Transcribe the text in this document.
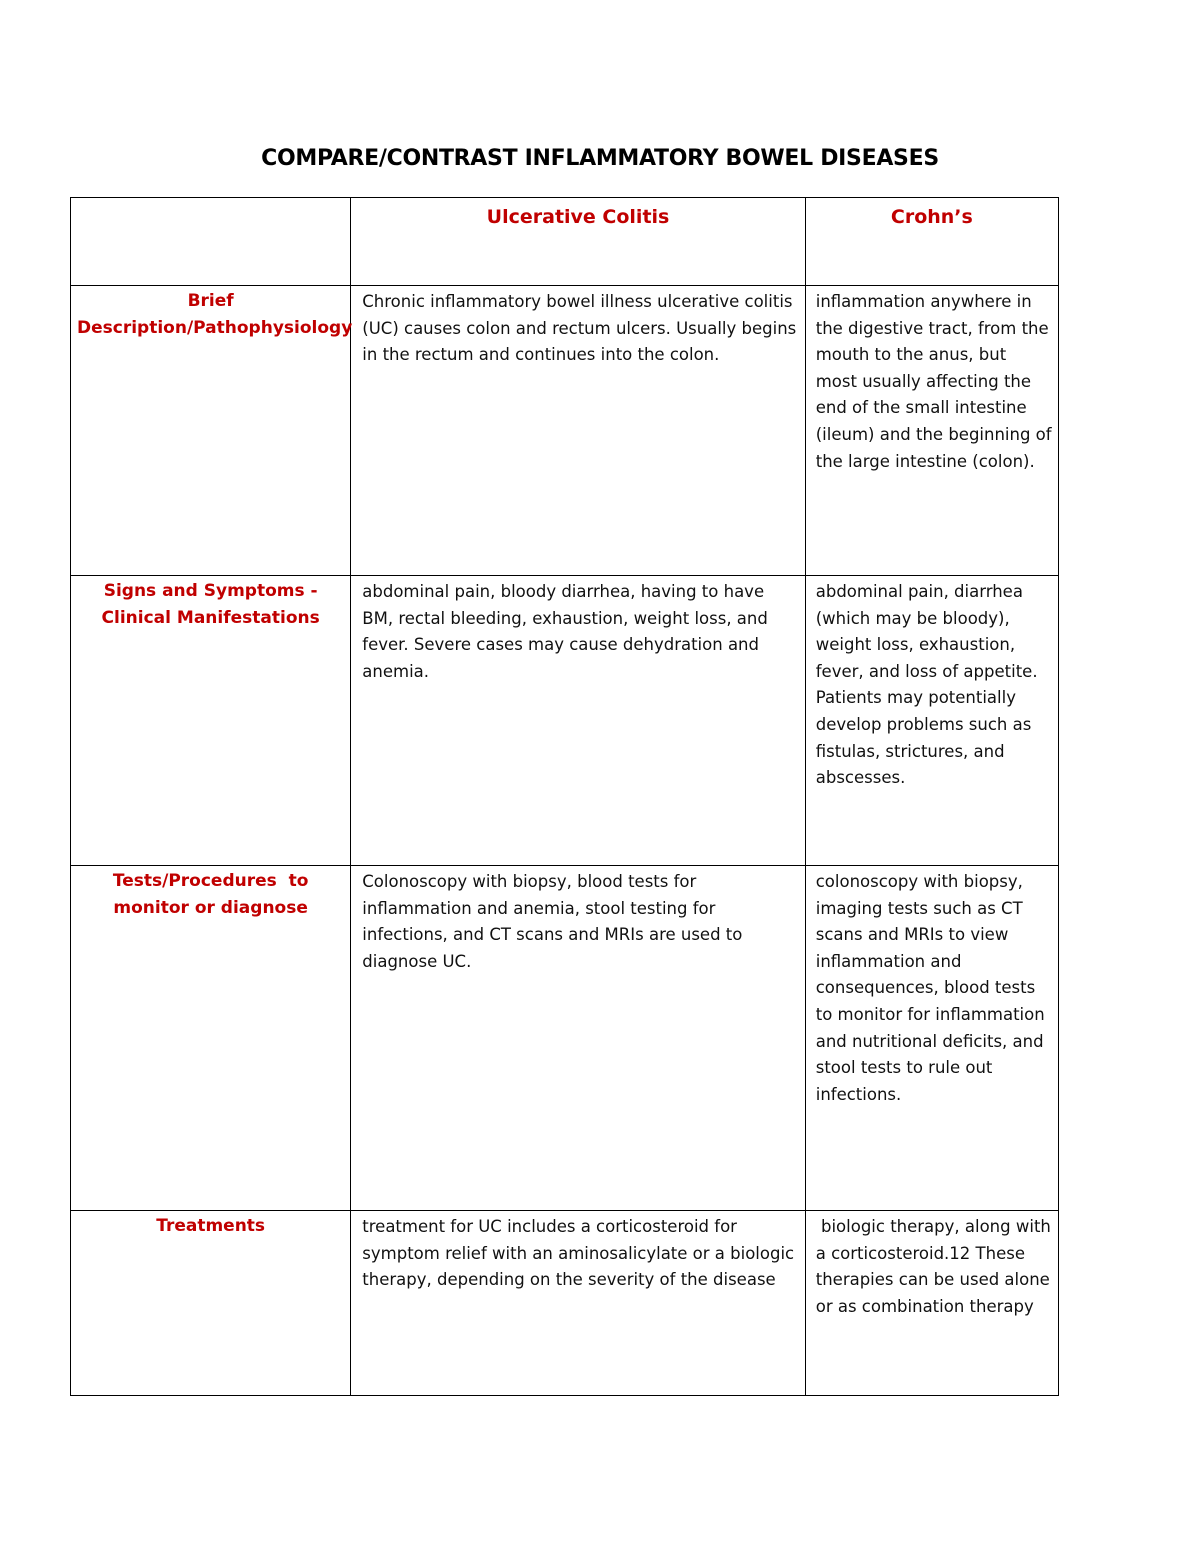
COMPARE/CONTRAST INFLAMMATORY BOWEL DISEASES
	Ulcerative Colitis	Crohn’s
Brief Description/Pathophysiology	Chronic inflammatory bowel illness ulcerative colitis (UC) causes colon and rectum ulcers. Usually begins in the rectum and continues into the colon.	inflammation anywhere in the digestive tract, from the mouth to the anus, but most usually affecting the end of the small intestine (ileum) and the beginning of the large intestine (colon).
Signs and Symptoms - Clinical Manifestations	abdominal pain, bloody diarrhea, having to have BM, rectal bleeding, exhaustion, weight loss, and fever. Severe cases may cause dehydration and anemia.	abdominal pain, diarrhea (which may be bloody), weight loss, exhaustion, fever, and loss of appetite. Patients may potentially develop problems such as fistulas, strictures, and abscesses.
Tests/Procedures  to monitor or diagnose	Colonoscopy with biopsy, blood tests for inflammation and anemia, stool testing for infections, and CT scans and MRIs are used to diagnose UC.	colonoscopy with biopsy, imaging tests such as CT scans and MRIs to view inflammation and consequences, blood tests to monitor for inflammation and nutritional deficits, and stool tests to rule out infections.
Treatments	treatment for UC includes a corticosteroid for symptom relief with an aminosalicylate or a biologic therapy, depending on the severity of the disease	biologic therapy, along with a corticosteroid.12 These therapies can be used alone or as combination therapy
